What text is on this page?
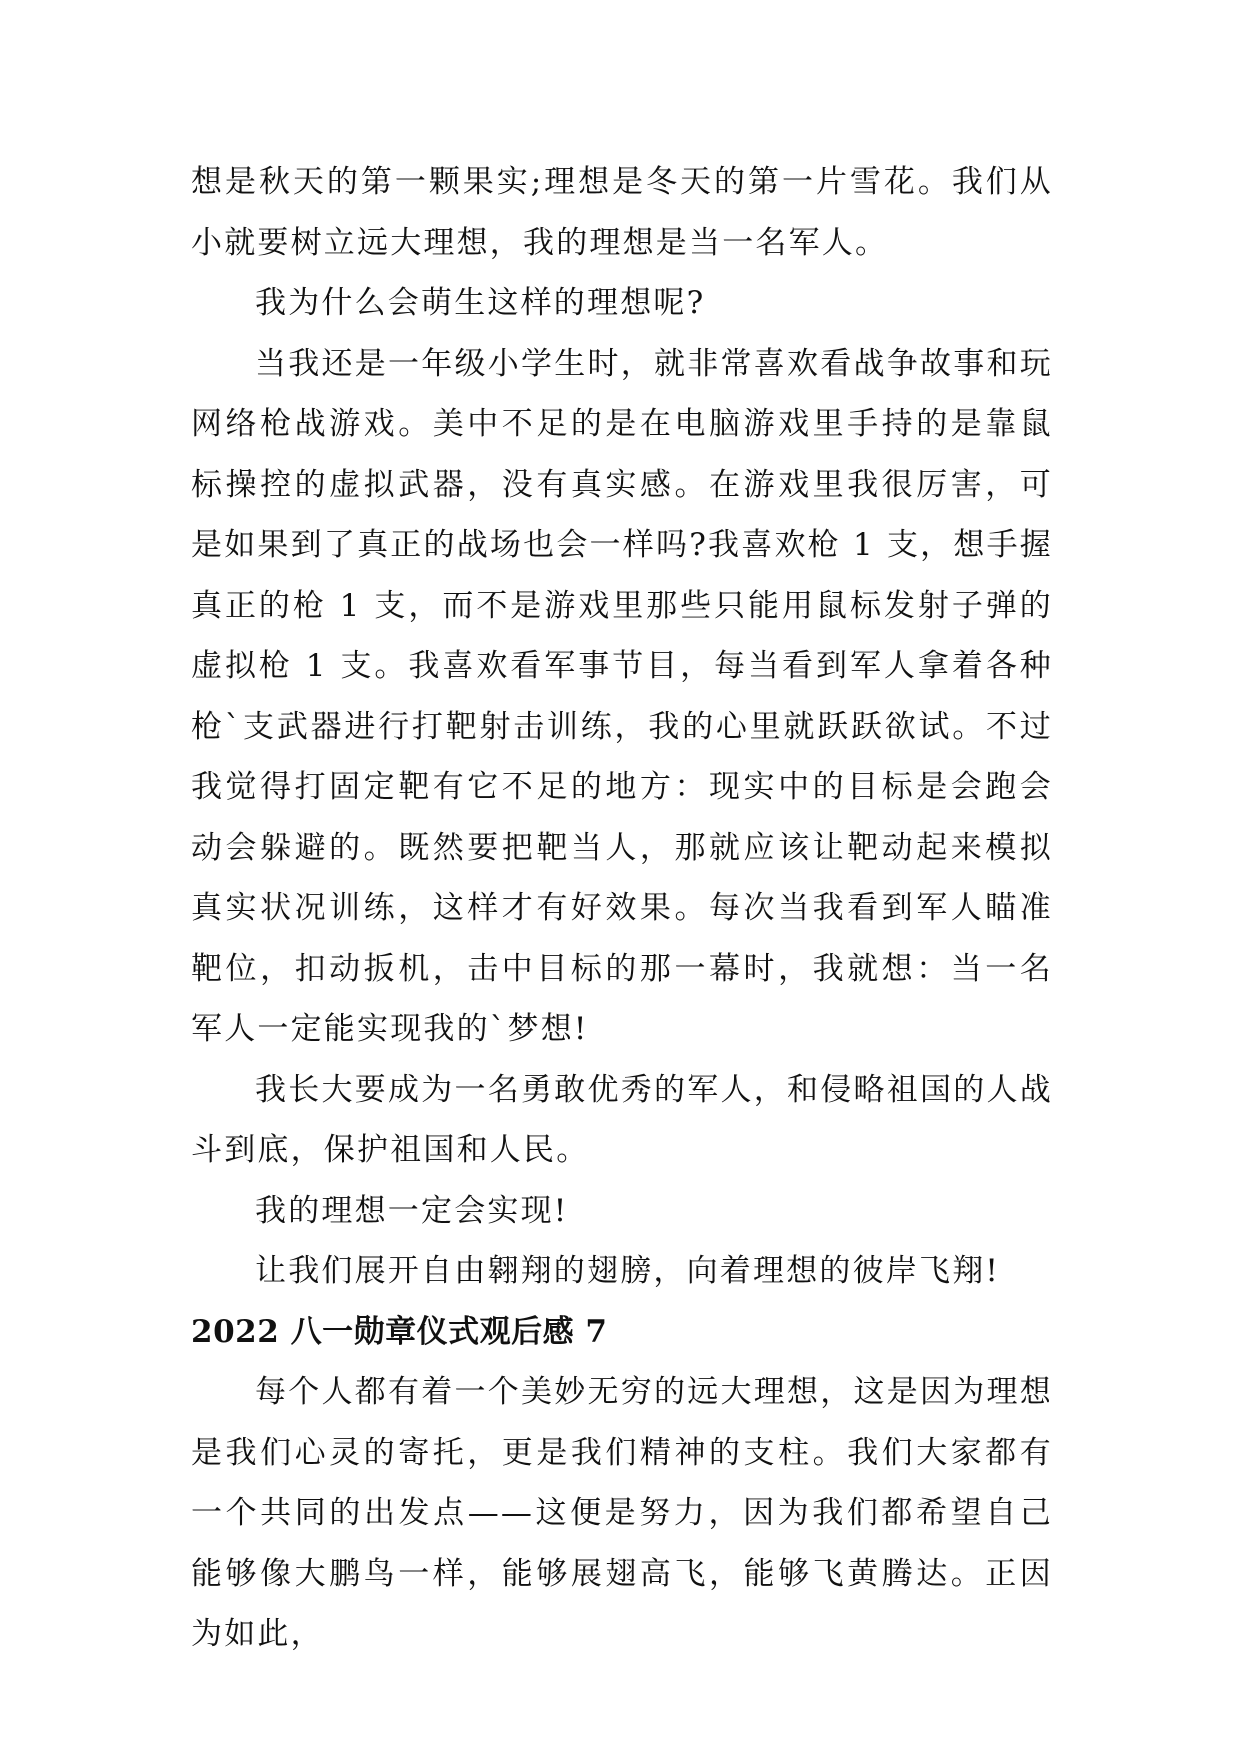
想是秋天的第一颗果实;理想是冬天的第一片雪花。我们从小就要树立远大理想，我的理想是当一名军人。

我为什么会萌生这样的理想呢?

当我还是一年级小学生时，就非常喜欢看战争故事和玩网络枪战游戏。美中不足的是在电脑游戏里手持的是靠鼠标操控的虚拟武器，没有真实感。在游戏里我很厉害，可是如果到了真正的战场也会一样吗?我喜欢枪 1 支，想手握真正的枪 1 支，而不是游戏里那些只能用鼠标发射子弹的虚拟枪 1 支。我喜欢看军事节目，每当看到军人拿着各种枪`支武器进行打靶射击训练，我的心里就跃跃欲试。不过我觉得打固定靶有它不足的地方：现实中的目标是会跑会动会躲避的。既然要把靶当人，那就应该让靶动起来模拟真实状况训练，这样才有好效果。每次当我看到军人瞄准靶位，扣动扳机，击中目标的那一幕时，我就想：当一名军人一定能实现我的`梦想!

我长大要成为一名勇敢优秀的军人，和侵略祖国的人战斗到底，保护祖国和人民。

我的理想一定会实现!

让我们展开自由翱翔的翅膀，向着理想的彼岸飞翔!

2022 八一勋章仪式观后感 7

每个人都有着一个美妙无穷的远大理想，这是因为理想是我们心灵的寄托，更是我们精神的支柱。我们大家都有一个共同的出发点——这便是努力，因为我们都希望自己能够像大鹏鸟一样，能够展翅高飞，能够飞黄腾达。正因为如此，
